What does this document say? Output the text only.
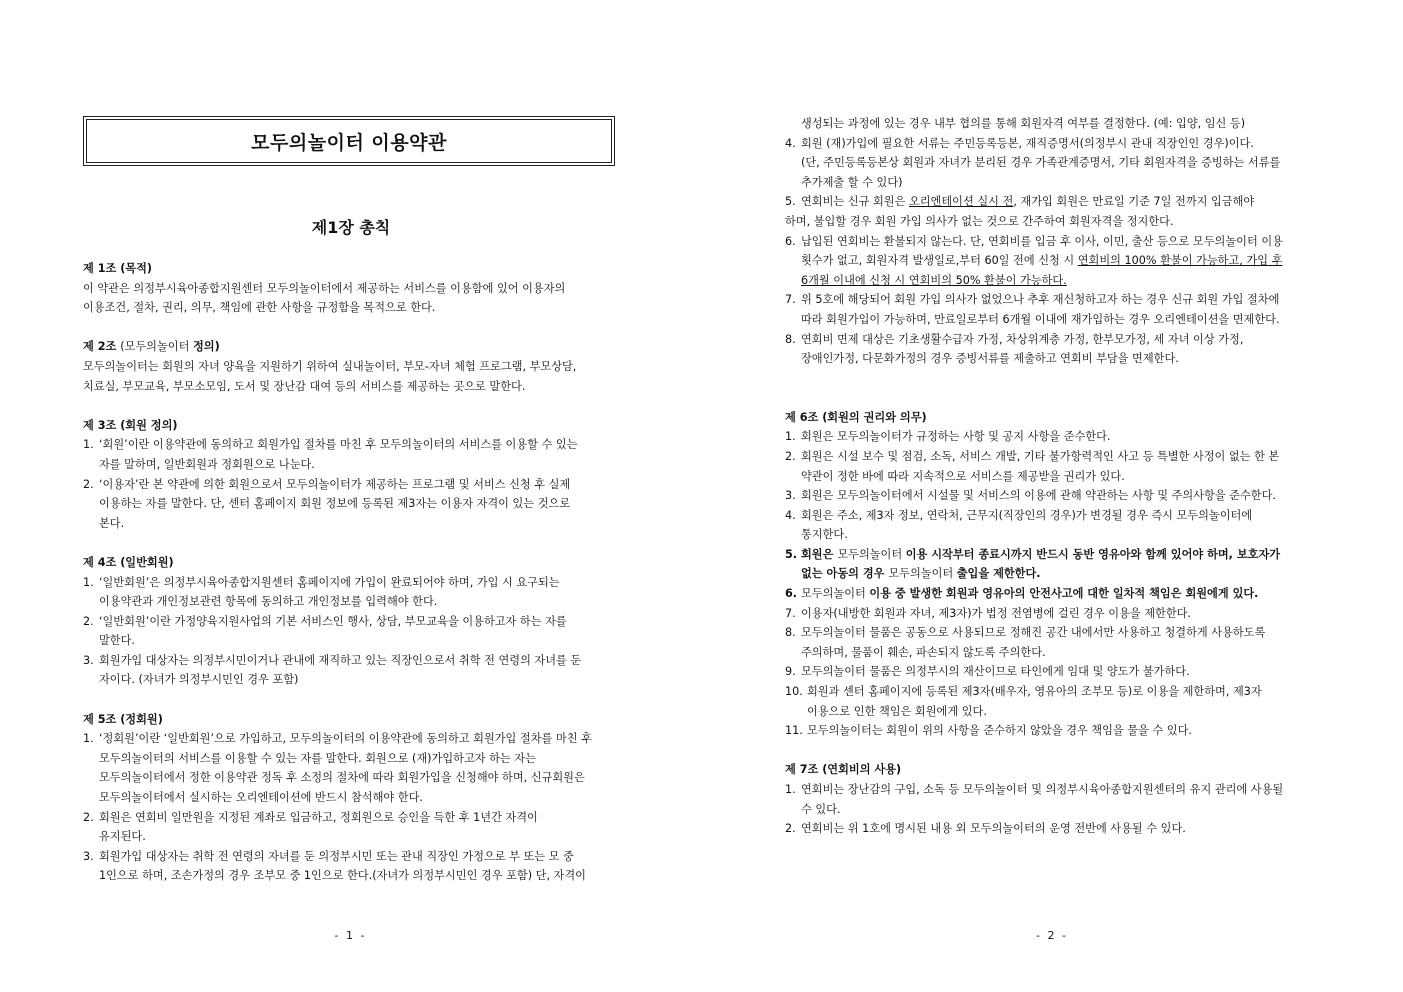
모두의놀이터 이용약관
제1장 총칙
제 1조 (목적)
이 약관은 의정부시육아종합지원센터 모두의놀이터에서 제공하는 서비스를 이용함에 있어 이용자의
이용조건, 절차, 권리, 의무, 책임에 관한 사항을 규정함을 목적으로 한다.
제 2조 (모두의놀이터 정의)
모두의놀이터는 회원의 자녀 양육을 지원하기 위하여 실내놀이터, 부모-자녀 체험 프로그램, 부모상담,
치료실, 부모교육, 부모소모임, 도서 및 장난감 대여 등의 서비스를 제공하는 곳으로 말한다.
제 3조 (회원 정의)
1. ‘회원’이란 이용약관에 동의하고 회원가입 절차를 마친 후 모두의놀이터의 서비스를 이용할 수 있는
자를 말하며, 일반회원과 정회원으로 나눈다.
2. ‘이용자’란 본 약관에 의한 회원으로서 모두의놀이터가 제공하는 프로그램 및 서비스 신청 후 실제
이용하는 자를 말한다. 단, 센터 홈페이지 회원 정보에 등록된 제3자는 이용자 자격이 있는 것으로
본다.
제 4조 (일반회원)
1. ‘일반회원’은 의정부시육아종합지원센터 홈페이지에 가입이 완료되어야 하며, 가입 시 요구되는
이용약관과 개인정보관련 항목에 동의하고 개인정보를 입력해야 한다.
2. ‘일반회원’이란 가정양육지원사업의 기본 서비스인 행사, 상담, 부모교육을 이용하고자 하는 자를
말한다.
3. 회원가입 대상자는 의정부시민이거나 관내에 재직하고 있는 직장인으로서 취학 전 연령의 자녀를 둔
자이다. (자녀가 의정부시민인 경우 포함)
제 5조 (정회원)
1. ‘정회원’이란 ‘일반회원’으로 가입하고, 모두의놀이터의 이용약관에 동의하고 회원가입 절차를 마친 후
모두의놀이터의 서비스를 이용할 수 있는 자를 말한다. 회원으로 (재)가입하고자 하는 자는
모두의놀이터에서 정한 이용약관 정독 후 소정의 절차에 따라 회원가입을 신청해야 하며, 신규회원은
모두의놀이터에서 실시하는 오리엔테이션에 반드시 참석해야 한다.
2. 회원은 연회비 일만원을 지정된 계좌로 입금하고, 정회원으로 승인을 득한 후 1년간 자격이
유지된다.
3. 회원가입 대상자는 취학 전 연령의 자녀를 둔 의정부시민 또는 관내 직장인 가정으로 부 또는 모 중
1인으로 하며, 조손가정의 경우 조부모 중 1인으로 한다.(자녀가 의정부시민인 경우 포함) 단, 자격이
- 1 -
생성되는 과정에 있는 경우 내부 협의를 통해 회원자격 여부를 결정한다. (예: 입양, 임신 등)
4. 회원 (재)가입에 필요한 서류는 주민등록등본, 재직증명서(의정부시 관내 직장인인 경우)이다.
(단, 주민등록등본상 회원과 자녀가 분리된 경우 가족관계증명서, 기타 회원자격을 증빙하는 서류를
추가제출 할 수 있다)
5. 연회비는 신규 회원은 오리엔테이션 실시 전, 재가입 회원은 만료일 기준 7일 전까지 입금해야
하며, 불입할 경우 회원 가입 의사가 없는 것으로 간주하여 회원자격을 정지한다.
6. 납입된 연회비는 환불되지 않는다. 단, 연회비를 입금 후 이사, 이민, 출산 등으로 모두의놀이터 이용
횟수가 없고, 회원자격 발생일로,부터 60일 전에 신청 시 연회비의 100% 환불이 가능하고, 가입 후
6개월 이내에 신청 시 연회비의 50% 환불이 가능하다.
7. 위 5호에 해당되어 회원 가입 의사가 없었으나 추후 재신청하고자 하는 경우 신규 회원 가입 절차에
따라 회원가입이 가능하며, 만료일로부터 6개월 이내에 재가입하는 경우 오리엔테이션을 면제한다.
8. 연회비 면제 대상은 기초생활수급자 가정, 차상위계층 가정, 한부모가정, 세 자녀 이상 가정,
장애인가정, 다문화가정의 경우 증빙서류를 제출하고 연회비 부담을 면제한다.
제 6조 (회원의 권리와 의무)
1. 회원은 모두의놀이터가 규정하는 사항 및 공지 사항을 준수한다.
2. 회원은 시설 보수 및 점검, 소독, 서비스 개발, 기타 불가항력적인 사고 등 특별한 사정이 없는 한 본
약관이 정한 바에 따라 지속적으로 서비스를 제공받을 권리가 있다.
3. 회원은 모두의놀이터에서 시설물 및 서비스의 이용에 관해 약관하는 사항 및 주의사항을 준수한다.
4. 회원은 주소, 제3자 정보, 연락처, 근무지(직장인의 경우)가 변경될 경우 즉시 모두의놀이터에
통지한다.
5. 회원은 모두의놀이터 이용 시작부터 종료시까지 반드시 동반 영유아와 함께 있어야 하며, 보호자가
없는 아동의 경우 모두의놀이터 출입을 제한한다.
6. 모두의놀이터 이용 중 발생한 회원과 영유아의 안전사고에 대한 일차적 책임은 회원에게 있다.
7. 이용자(내방한 회원과 자녀, 제3자)가 법정 전염병에 걸린 경우 이용을 제한한다.
8. 모두의놀이터 물품은 공동으로 사용되므로 정해진 공간 내에서만 사용하고 청결하게 사용하도록
주의하며, 물품이 훼손, 파손되지 않도록 주의한다.
9. 모두의놀이터 물품은 의정부시의 재산이므로 타인에게 임대 및 양도가 불가하다.
10. 회원과 센터 홈페이지에 등록된 제3자(배우자, 영유아의 조부모 등)로 이용을 제한하며, 제3자
이용으로 인한 책임은 회원에게 있다.
11. 모두의놀이터는 회원이 위의 사항을 준수하지 않았을 경우 책임을 물을 수 있다.
제 7조 (연회비의 사용)
1. 연회비는 장난감의 구입, 소독 등 모두의놀이터 및 의정부시육아종합지원센터의 유지 관리에 사용될
수 있다.
2. 연회비는 위 1호에 명시된 내용 외 모두의놀이터의 운영 전반에 사용될 수 있다.
- 2 -
